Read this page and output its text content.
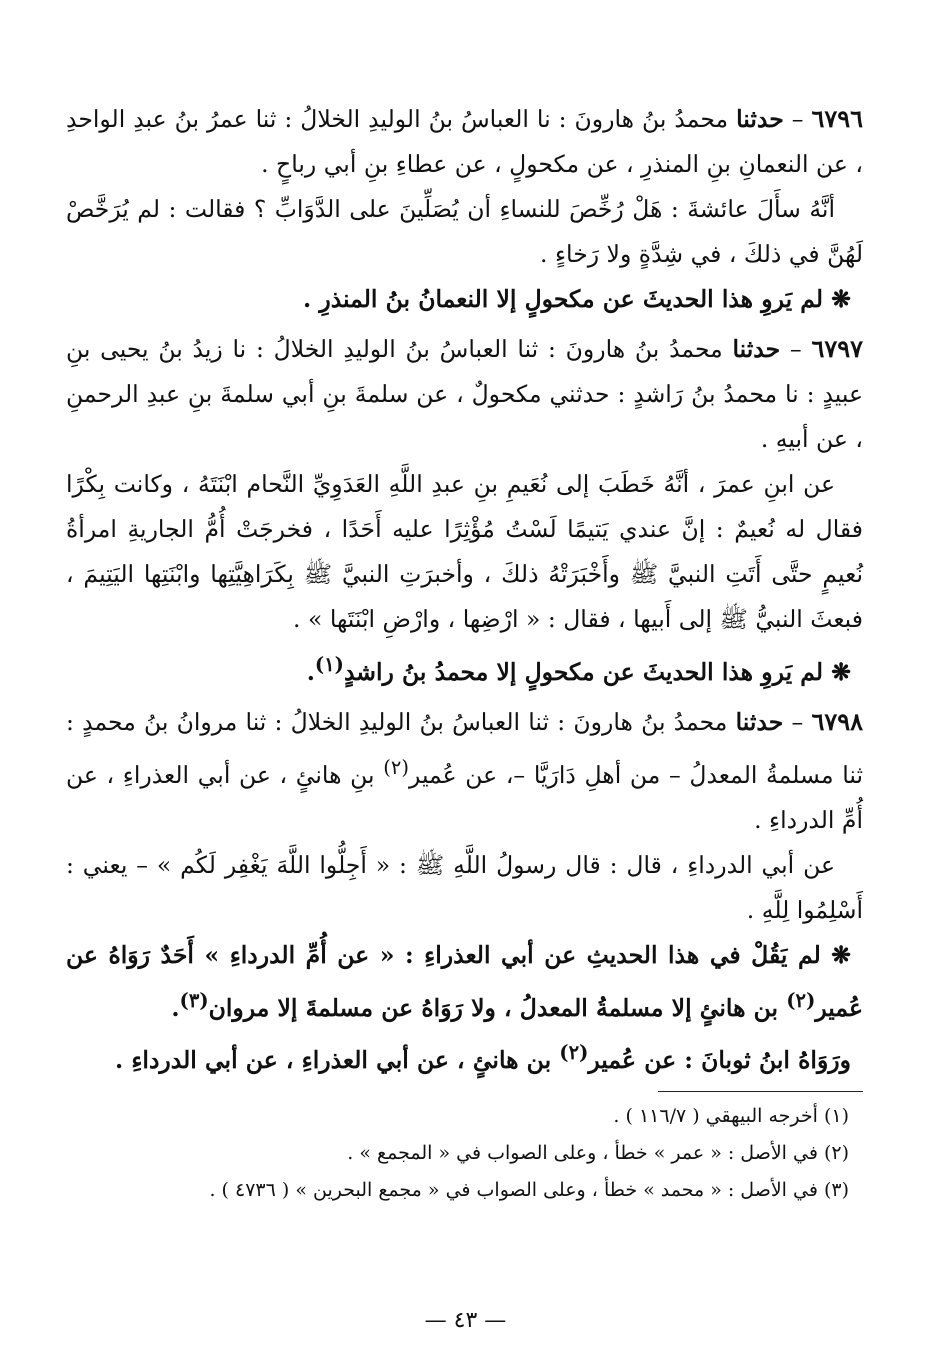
٦٧٩٦ – حدثنا محمدُ بنُ هارونَ : نا العباسُ بنُ الوليدِ الخلالُ : ثنا عمرُ بنُ عبدِ الواحدِ ، عن النعمانِ بنِ المنذرِ ، عن مكحولٍ ، عن عطاءِ بنِ أبي رباحٍ .

أنَّهُ سأَلَ عائشةَ : هَلْ رُخِّصَ للنساءِ أن يُصَلِّينَ على الدَّوَابِّ ؟ فقالت : لم يُرَخَّصْ لَهُنَّ في ذلكَ ، في شِدَّةٍ ولا رَخاءٍ .

❋ لم يَروِ هذا الحديثَ عن مكحولٍ إلا النعمانُ بنُ المنذرِ .

٦٧٩٧ – حدثنا محمدُ بنُ هارونَ : ثنا العباسُ بنُ الوليدِ الخلالُ : نا زيدُ بنُ يحيى بنِ عبيدٍ : نا محمدُ بنُ رَاشدٍ : حدثني مكحولٌ ، عن سلمةَ بنِ أبي سلمةَ بنِ عبدِ الرحمنِ ، عن أبيهِ .

عن ابنِ عمرَ ، أنَّهُ خَطَبَ إلى نُعَيمِ بنِ عبدِ اللَّهِ العَدَوِيِّ النَّحام ابْنَتَهُ ، وكانت بِكْرًا فقال له نُعيمٌ : إنَّ عندي يَتيمًا لَسْتُ مُؤْثِرًا عليه أَحَدًا ، فخرجَتْ أُمُّ الجاريةِ امرأةُ نُعيمٍ حتَّى أَتَتِ النبيَّ ﷺ وأَخْبَرَتْهُ ذلكَ ، وأخبرَتِ النبيَّ ﷺ بِكَرَاهِيَّتِها وابْنَتِها اليَتِيمَ ، فبعثَ النبيُّ ﷺ إلى أَبيها ، فقال : « ارْضِها ، وارْضِ ابْنَتَها » .

❋ لم يَروِ هذا الحديثَ عن مكحولٍ إلا محمدُ بنُ راشدٍ$^{(١)}$.

٦٧٩٨ – حدثنا محمدُ بنُ هارونَ : ثنا العباسُ بنُ الوليدِ الخلالُ : ثنا مروانُ بنُ محمدٍ : ثنا مسلمةُ المعدلُ – من أهلِ دَارَيَّا –، عن عُمير$^{(٢)}$ بنِ هانئٍ ، عن أبي العذراءِ ، عن أُمِّ الدرداءِ .

عن أبي الدرداءِ ، قال : قال رسولُ اللَّهِ ﷺ : « أَجِلُّوا اللَّهَ يَغْفِر لَكُم » – يعني : أَسْلِمُوا لِلَّهِ .

❋ لم يَقُلْ في هذا الحديثِ عن أبي العذراءِ : « عن أُمِّ الدرداءِ » أَحَدٌ رَوَاهُ عن عُمير$^{(٢)}$ بن هانئٍ إلا مسلمةُ المعدلُ ، ولا رَوَاهُ عن مسلمةَ إلا مروان$^{(٣)}$.

ورَوَاهُ ابنُ ثوبانَ : عن عُمير$^{(٢)}$ بن هانئٍ ، عن أبي العذراءِ ، عن أبي الدرداءِ .

(١) أخرجه البيهقي ( ١١٦/٧ ) .

(٢) في الأصل : « عمر » خطأ ، وعلى الصواب في « المجمع » .

(٣) في الأصل : « محمد » خطأ ، وعلى الصواب في « مجمع البحرين » ( ٤٧٣٦ ) .

— ٤٣ —
